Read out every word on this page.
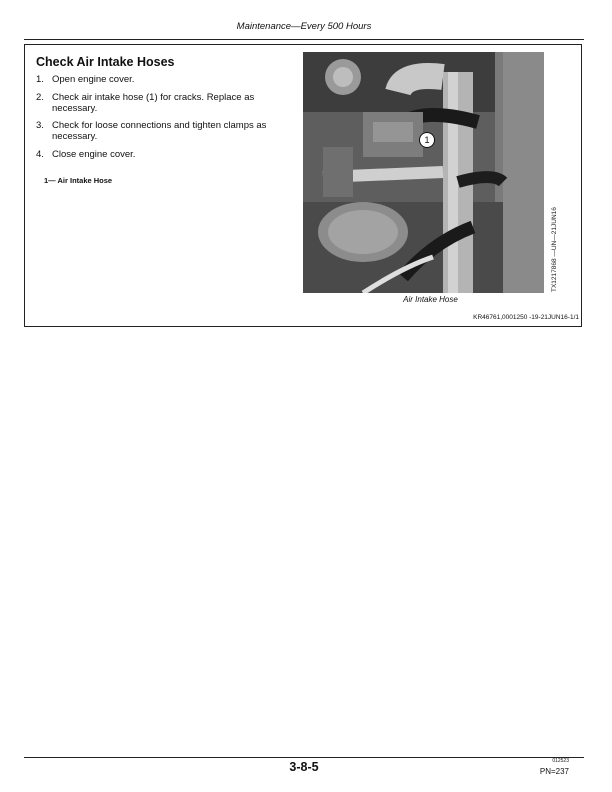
Maintenance—Every 500 Hours
Check Air Intake Hoses
1. Open engine cover.
2. Check air intake hose (1) for cracks. Replace as necessary.
3. Check for loose connections and tighten clamps as necessary.
4. Close engine cover.
1— Air Intake Hose
1
TX1217868 —UN—21JUN16
Air Intake Hose
KR46761,0001250 -19-21JUN16-1/1
3-8-5	012523
PN=237
